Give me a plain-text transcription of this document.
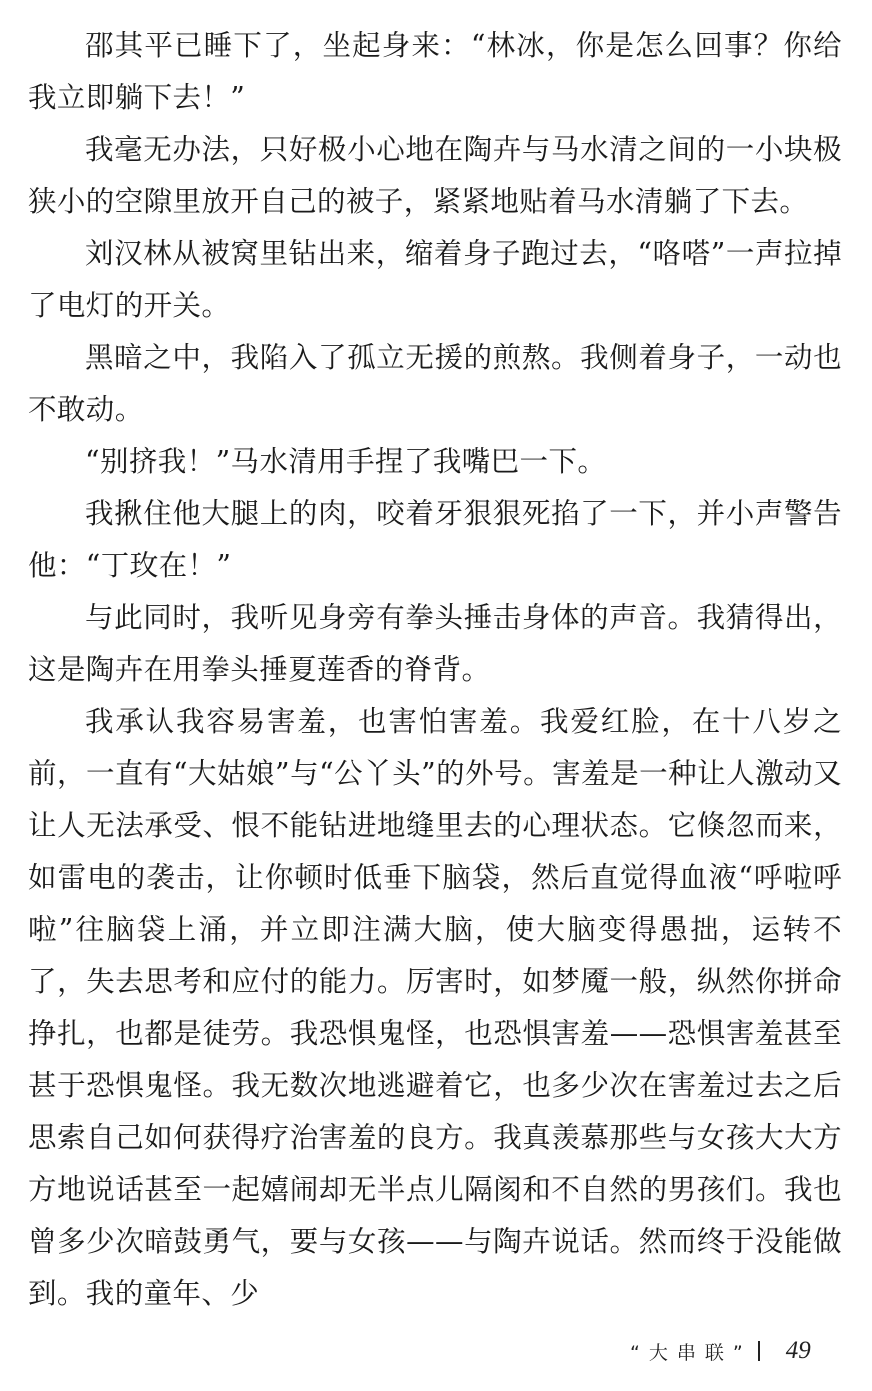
邵其平已睡下了，坐起身来：“林冰，你是怎么回事？你给我立即躺下去！”

我毫无办法，只好极小心地在陶卉与马水清之间的一小块极狭小的空隙里放开自己的被子，紧紧地贴着马水清躺了下去。

刘汉林从被窝里钻出来，缩着身子跑过去，“咯嗒”一声拉掉了电灯的开关。

黑暗之中，我陷入了孤立无援的煎熬。我侧着身子，一动也不敢动。

“别挤我！”马水清用手捏了我嘴巴一下。

我揪住他大腿上的肉，咬着牙狠狠死掐了一下，并小声警告他：“丁玫在！”

与此同时，我听见身旁有拳头捶击身体的声音。我猜得出，这是陶卉在用拳头捶夏莲香的脊背。

我承认我容易害羞，也害怕害羞。我爱红脸，在十八岁之前，一直有“大姑娘”与“公丫头”的外号。害羞是一种让人激动又让人无法承受、恨不能钻进地缝里去的心理状态。它倏忽而来，如雷电的袭击，让你顿时低垂下脑袋，然后直觉得血液“呼啦呼啦”往脑袋上涌，并立即注满大脑，使大脑变得愚拙，运转不了，失去思考和应付的能力。厉害时，如梦魇一般，纵然你拼命挣扎，也都是徒劳。我恐惧鬼怪，也恐惧害羞——恐惧害羞甚至甚于恐惧鬼怪。我无数次地逃避着它，也多少次在害羞过去之后思索自己如何获得疗治害羞的良方。我真羡慕那些与女孩大大方方地说话甚至一起嬉闹却无半点儿隔阂和不自然的男孩们。我也曾多少次暗鼓勇气，要与女孩——与陶卉说话。然而终于没能做到。我的童年、少

“大串联” 49
